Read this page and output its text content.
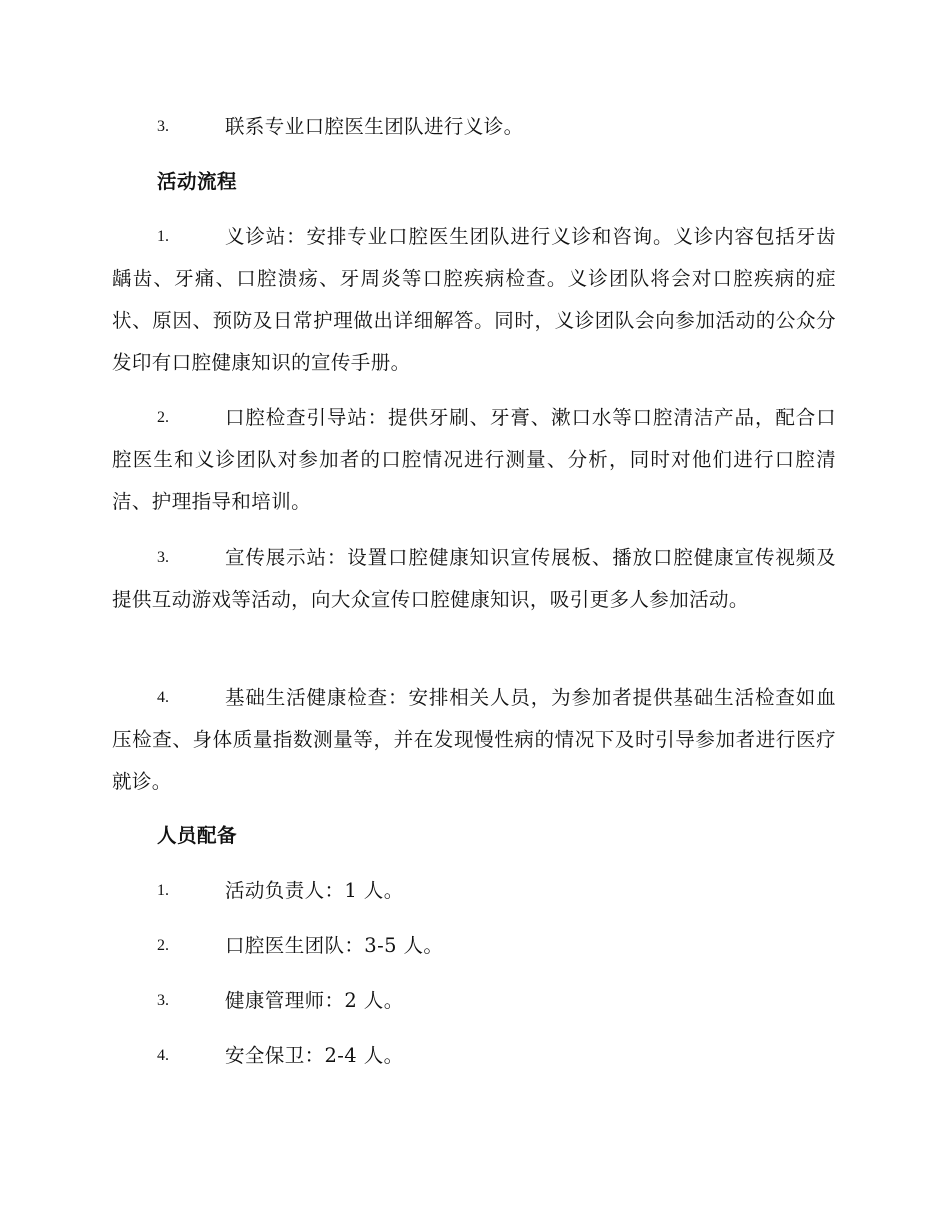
3.	联系专业口腔医生团队进行义诊。

活动流程

1.	义诊站：安排专业口腔医生团队进行义诊和咨询。义诊内容包括牙齿龋齿、牙痛、口腔溃疡、牙周炎等口腔疾病检查。义诊团队将会对口腔疾病的症状、原因、预防及日常护理做出详细解答。同时，义诊团队会向参加活动的公众分发印有口腔健康知识的宣传手册。

2.	口腔检查引导站：提供牙刷、牙膏、漱口水等口腔清洁产品，配合口腔医生和义诊团队对参加者的口腔情况进行测量、分析，同时对他们进行口腔清洁、护理指导和培训。

3.	宣传展示站：设置口腔健康知识宣传展板、播放口腔健康宣传视频及提供互动游戏等活动，向大众宣传口腔健康知识，吸引更多人参加活动。

4.	基础生活健康检查：安排相关人员，为参加者提供基础生活检查如血压检查、身体质量指数测量等，并在发现慢性病的情况下及时引导参加者进行医疗就诊。

人员配备

1.	活动负责人：1 人。

2.	口腔医生团队：3-5 人。

3.	健康管理师：2 人。

4.	安全保卫：2-4 人。
